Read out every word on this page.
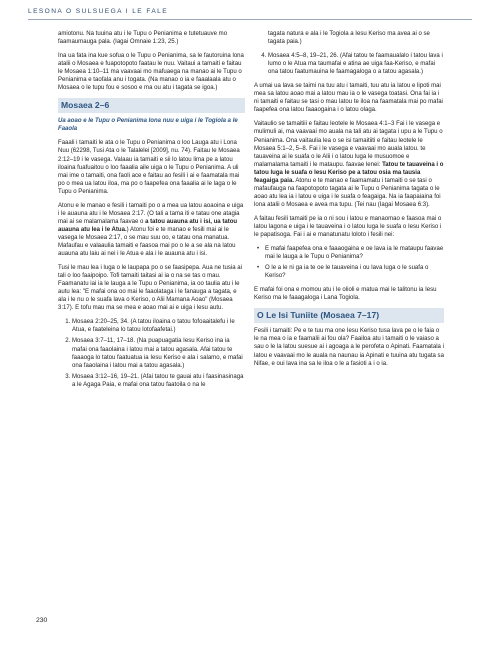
LESONA O SULSUEGA I LE FALE

amiotonu. Na tuuina atu i le Tupu o Penianima e tutetuauve mo faamaumauga pala. (Iagai Omnaie 1:23, 25.)

Ina ua fata ina kue sofua o le Tupu o Penianima, sa le fautoruina lona atalii o Mosaea e fuapotopoto faatau le nuu. Vaitaui a tamaiti e faitau le Mosaea 1:10–11 ma vaavaai mo mafuaega na manao ai le Tupu o Penianima e taofala anu i togata. (Na manao o ia e faaalaala atu o Mosaea o le tupu fou e sosoo e ma ou atu i tagata se igoa.)

Mosaea 2–6

Ua aoao e le Tupu o Penianima lona nuu e uiga i le Togiola a le Faaola

Faaali i tamaiti le ata o le Tupu o Penianima o loo Lauga atu i Lona Nuu (62298, Tusi Ata o le Talalelei [2009], nu. 74). Faitau le Mosaea 2:12–19 i le vasega. Valaau ia tamaiti e sii lo latou lima pe a latou iloaina fuafuaitou o loo faaalia aile uiga o le Tupu o Penianima. A uli mai ime o tamaiti, ona faoli ace e faitau ao fesili i ai e faamatala mai po o mea ua latou iloa, ma po o faapefea ona faaalia ai le laga o le Tupu o Penianima.

Atonu e le manao e fesili i tamaiti po o a mea ua latou aoaoina e uiga i le auauna atu i le Mosaea 2:17. (O tali a tama iti e tatau one atagia mai ai se malamalama faavae o a tatou auauna atu i isi, ua tatou auauna atu lea i le Atua.) Atonu foi e te manao e fesili mai ai le vasega le Mosaea 2:17, o se mau suu oo, e tatau ona manatua. Mafaufau e valaaulia tamaiti e faasoa mai po o le a se ala na latou auauna atu laiu ai nei i le Atua e ala i le auauna atu i isi.

Tusi le mau lea i luga o le laupapa po o se faasipepa. Aua ne tusia ai tali o loo faaipoipo. Tofi tamaiti taitasi ai ia o na se tas o mau. Faamanatu iai ia le lauga a le Tupu o Penianima, ia oo taulia atu i le autu lea: "E mafai ona oo mai le faaolataga i le fanauga a tagata, e ala i le nu o le suafa lava o Keriso, o Alii Mamana Aoao" (Mosaea 3:17). E tofu mau ma se mea e aoao mai ai e uiga i lesu autu.

1. Mosaea 2:20–25, 34. (A tatou iloaina o tatou fofoaaitalefu i le Atua, e faateleina lo tatou lotofaafetai.)
2. Mosaea 3:7–11, 17–18. (Na puapuagatia Iesu Keriso ina ia mafai ona faaolaina i latou mai a tatou agasala. Afai tatou te faaaoga lo tatou faatuatua ia Iesu Keriso e ala i salamo, e mafai ona faaolaina i latou mai a tatou agasala.)
3. Mosaea 3:12–16, 19–21. (Afai tatou te gauai atu i faasinasinaga a le Agaga Paia, e mafai ona tatou faatoila o na le

tagata natura e ala i le Togiola a Iesu Keriso ma avea ai o se tagata paia.)

4. Mosaea 4:5–8, 19–21, 26. (Afai tatou te faamaualalo i tatou lava i lumo o le Atua ma taumafai e atina ae uiga faa-Keriso, e mafai ona tatou faatumauina le faamagaloga o a tatou agasala.)

A umai ua lava se taimi na tuu atu i tamaiti, tuu atu ia latou e lipoti mai mea sa latou aoao mai a latou mau ia o le vasega toatasi. Ona fai ia i ni tamaiti e faitau se tasi o mau latou te iloa na faamatala mai po mafai faapefea ona latou faaaogaina i o latou olaga.

Vaitaulio se tamaitiii e faitau leotele le Mosaea 4:1–3 Fai i le vasega e mulimuli ai, ma vaavaai mo auala na tali atu ai tagata i upu a le Tupu o Penianima. Ona vaitaulia lea o se isi tamaitiiti e faitau leotele le Mosaea 5:1–2, 5–8. Fai i le vasega e vaavaai mo auala latou. te tauaveina ai le suafa o le Alii i o latou luga le musuomoe e malamalama tamaiti i le mataupu. faavae lenei: Tatou te tauaveina i o tatou luga le suafa o Iesu Keriso pe a tatou osia ma tausia feagaiga paia. Atonu e te manao e faamamatu i tamaiti o se tasi o mafaufauga na faapotopoto tagata ai le Tupu o Penianima tagata o le aoao atu lea ia i latou e uiga i le suafa o feagaiga. Na ia faapaiaina foi lona atalii o Mosaea e avea ma tupu. (Tei nau (Iagai Mosaea 6:3).

A faitau fesili tamaiti pe ia o ni sou i latou e manaomao e faasoa mai o latou lagona e uiga i le tauaveina i o latou luga le suafa o Iesu Keriso i le papatisoga. Fai i ai e manatunatu loloto i fesili nei:

• E mafai faapefea ona e faaaogaina e oe lava ia le mataupu faavae mai le lauga a le Tupu o Penianima?
• O le a le ni ga ia te oe le tauaveina i ou lava luga o le suafa o Keriso?

E mafai foi ona e momou atu i le olioli e matua mai le talitonu ia Iesu Keriso ma le faaagaloga i Lana Togiola.

O Le Isi Tuniite (Mosaea 7–17)

Fesili i tamaiti: Pe e te tuu ma one Iesu Keriso tusa lava pe o le faia o le na mea o ia e faamalii ai fou ola? Faailoa atu i tamaiti o le vaiaso a sau o le la latou suesue ai i agoaga a le perofeta o Apinati. Faamatala i latou e vaavaai mo le auala na naunau ia Apinati e tuuina atu tugata sa Nifae, e oui lava ina sa le iloa o le a fasioti a i o ia.

230
